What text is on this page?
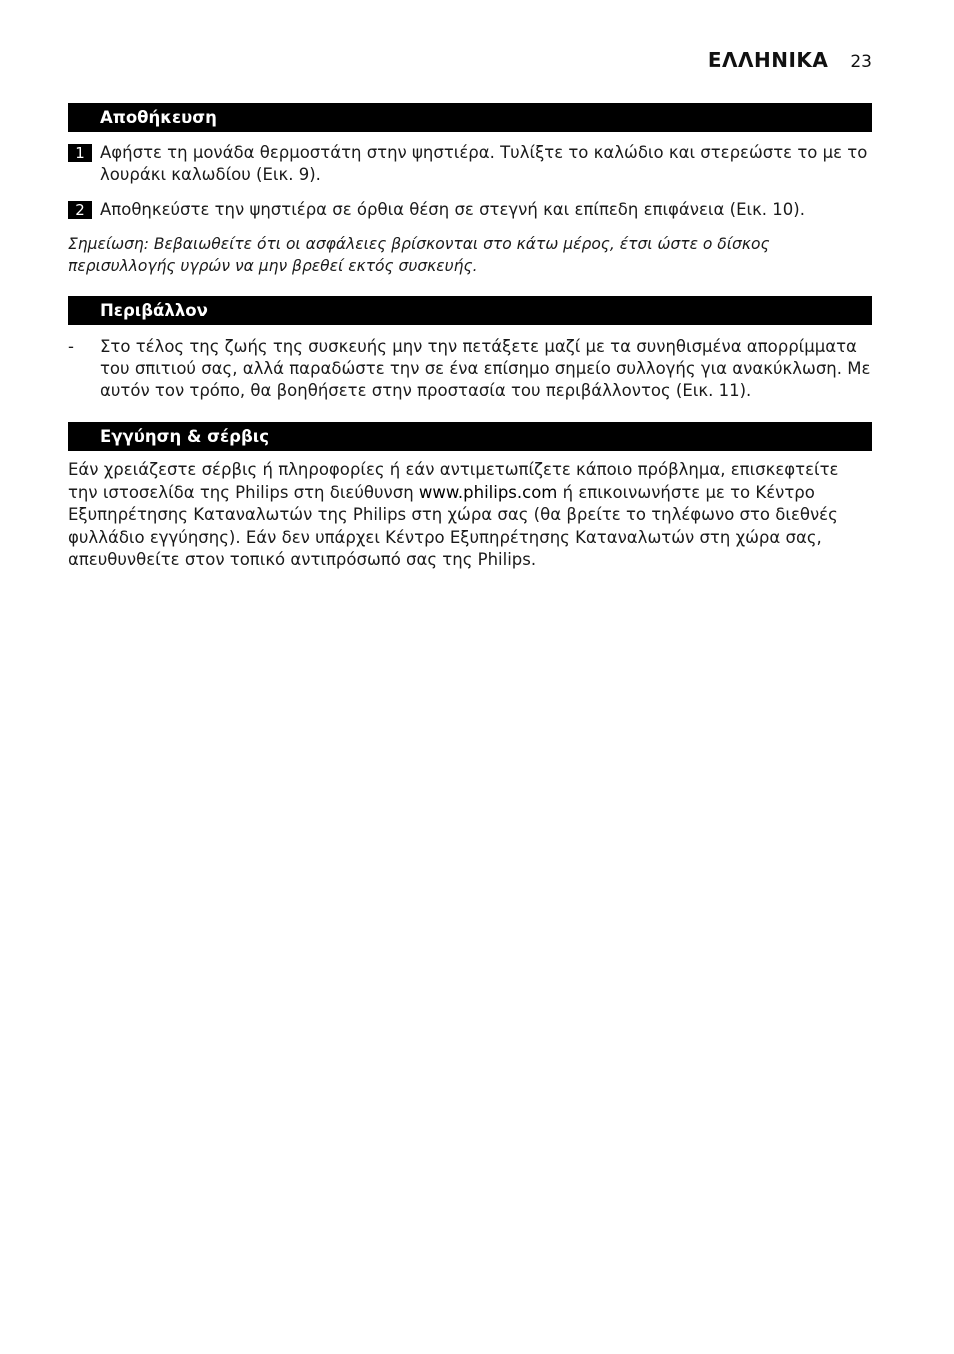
ΕΛΛΗΝΙΚΑ 23
Αποθήκευση
1 Αφήστε τη μονάδα θερμοστάτη στην ψηστιέρα. Τυλίξτε το καλώδιο και στερεώστε το με το λουράκι καλωδίου (Εικ. 9).
2 Αποθηκεύστε την ψηστιέρα σε όρθια θέση σε στεγνή και επίπεδη επιφάνεια (Εικ. 10).
Σημείωση: Βεβαιωθείτε ότι οι ασφάλειες βρίσκονται στο κάτω μέρος, έτσι ώστε ο δίσκος περισυλλογής υγρών να μην βρεθεί εκτός συσκευής.
Περιβάλλον
-	Στο τέλος της ζωής της συσκευής μην την πετάξετε μαζί με τα συνηθισμένα απορρίμματα του σπιτιού σας, αλλά παραδώστε την σε ένα επίσημο σημείο συλλογής για ανακύκλωση. Με αυτόν τον τρόπο, θα βοηθήσετε στην προστασία του περιβάλλοντος (Εικ. 11).
Εγγύηση & σέρβις
Εάν χρειάζεστε σέρβις ή πληροφορίες ή εάν αντιμετωπίζετε κάποιο πρόβλημα, επισκεφτείτε την ιστοσελίδα της Philips στη διεύθυνση www.philips.com ή επικοινωνήστε με το Κέντρο Εξυπηρέτησης Καταναλωτών της Philips στη χώρα σας (θα βρείτε το τηλέφωνο στο διεθνές φυλλάδιο εγγύησης). Εάν δεν υπάρχει Κέντρο Εξυπηρέτησης Καταναλωτών στη χώρα σας, απευθυνθείτε στον τοπικό αντιπρόσωπό σας της Philips.
